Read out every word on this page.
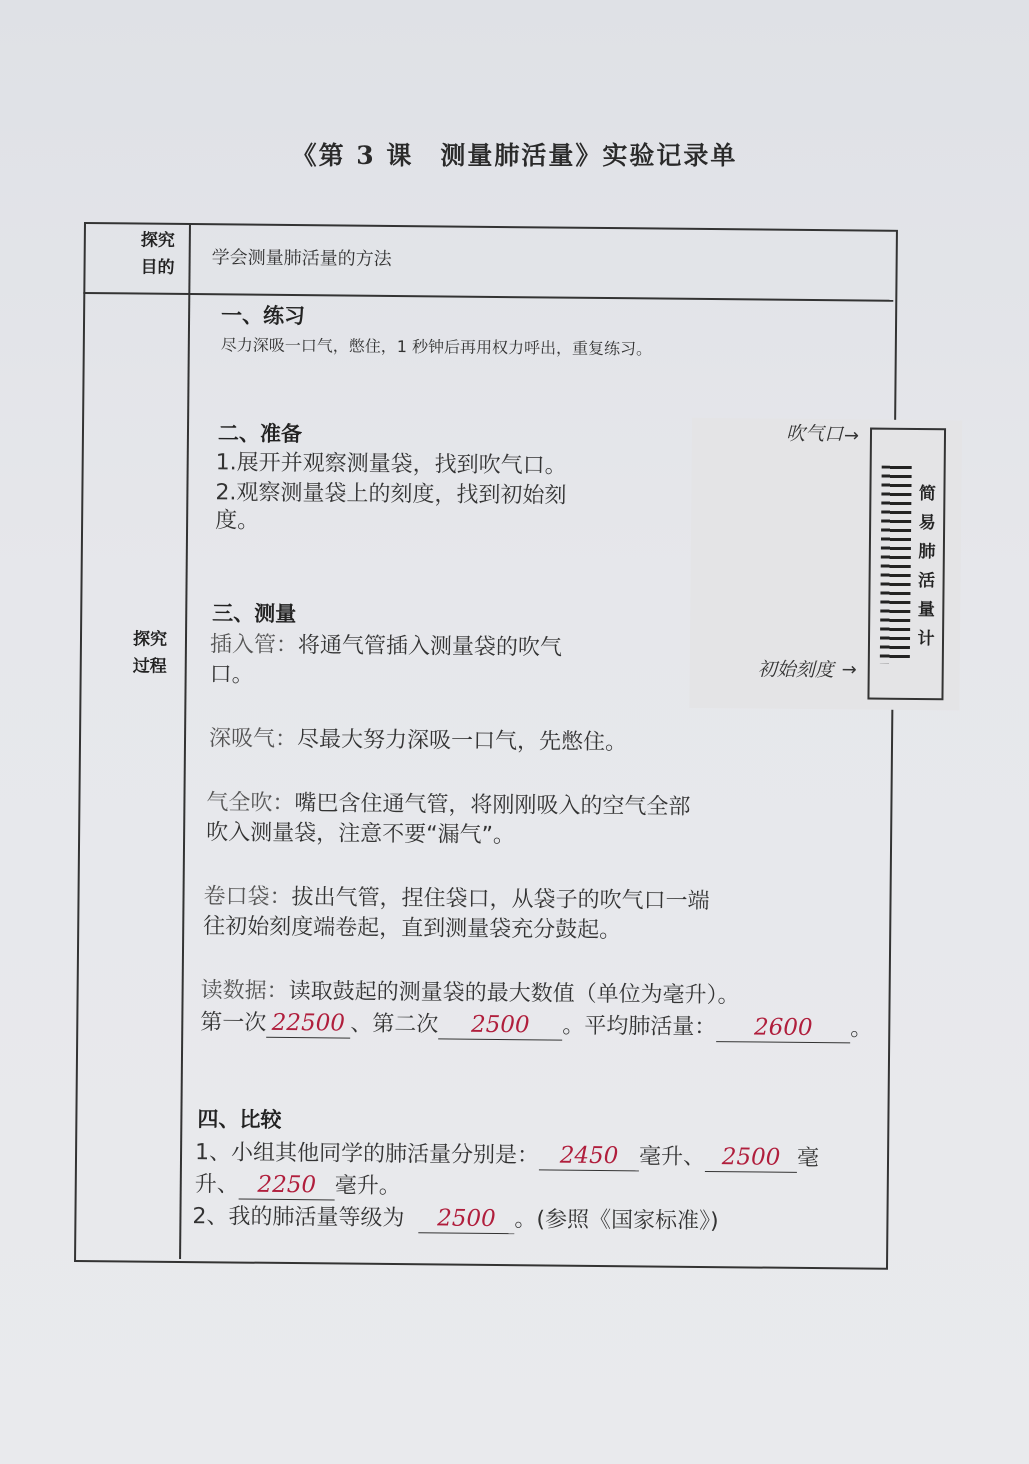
《第 3 课　测量肺活量》实验记录单
探究
目的	学会测量肺活量的方法
探究
过程
一、练习
尽力深吸一口气，憋住，1 秒钟后再用权力呼出，重复练习。
二、准备
1.展开并观察测量袋，找到吹气口。
2.观察测量袋上的刻度，找到初始刻
度。
吹气口 →
简易肺活量计
初始刻度 →
三、测量
插入管：将通气管插入测量袋的吹气
口。
深吸气：尽最大努力深吸一口气，先憋住。
气全吹：嘴巴含住通气管，将刚刚吸入的空气全部
吹入测量袋，注意不要“漏气”。
卷口袋：拔出气管，捏住袋口，从袋子的吹气口一端
往初始刻度端卷起，直到测量袋充分鼓起。
读数据：读取鼓起的测量袋的最大数值（单位为毫升）。
第一次 22500 、第二次 2500 。平均肺活量： 2600 。
四、比较
1、小组其他同学的肺活量分别是： 2450 毫升、 2500 毫
升、 2250 毫升。
2、我的肺活量等级为 2500 。(参照《国家标准》)
